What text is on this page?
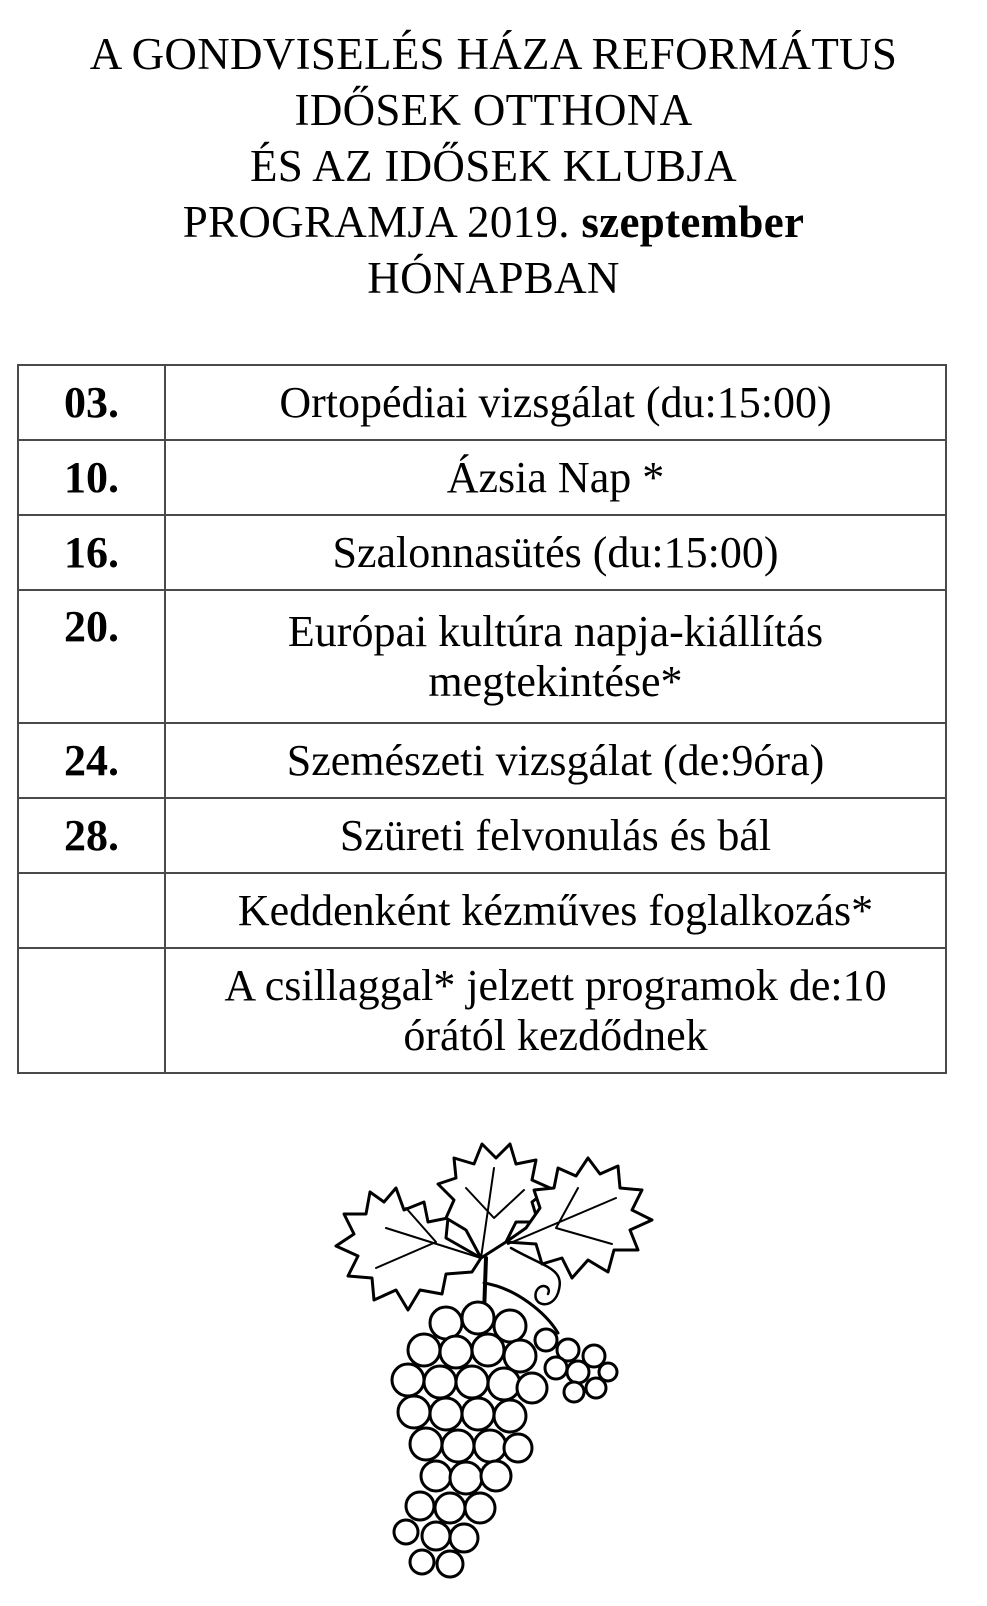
A GONDVISELÉS HÁZA REFORMÁTUS
IDŐSEK OTTHONA
ÉS AZ IDŐSEK KLUBJA
PROGRAMJA 2019. szeptember
HÓNAPBAN
03.	Ortopédiai vizsgálat (du:15:00)

10.	Ázsia Nap *

16.	Szalonnasütés (du:15:00)

20.	Európai kultúra napja-kiállítás megtekintése*

24.	Szemészeti vizsgálat (de:9óra)

28.	Szüreti felvonulás és bál

	Keddenként kézműves foglalkozás*

	A csillaggal* jelzett programok de:10 órától kezdődnek
